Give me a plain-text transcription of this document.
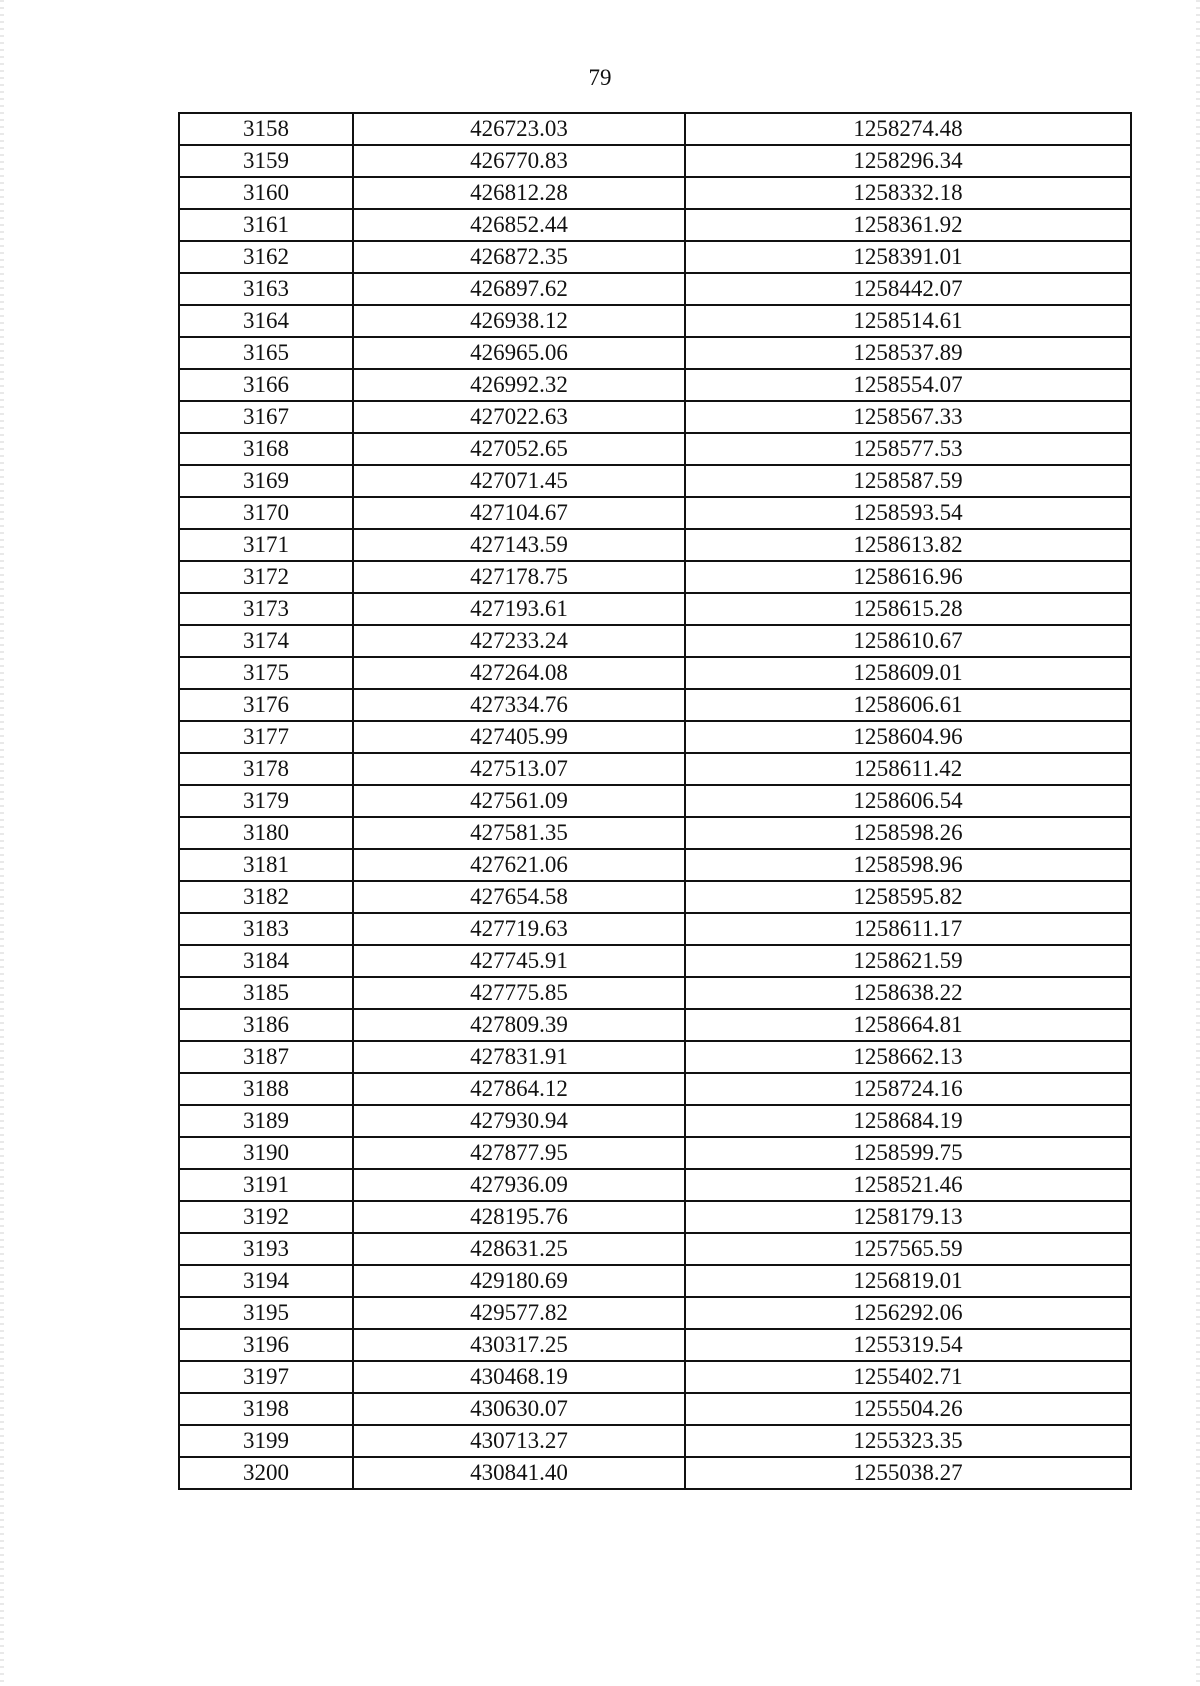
79
3158	426723.03	1258274.48
3159	426770.83	1258296.34
3160	426812.28	1258332.18
3161	426852.44	1258361.92
3162	426872.35	1258391.01
3163	426897.62	1258442.07
3164	426938.12	1258514.61
3165	426965.06	1258537.89
3166	426992.32	1258554.07
3167	427022.63	1258567.33
3168	427052.65	1258577.53
3169	427071.45	1258587.59
3170	427104.67	1258593.54
3171	427143.59	1258613.82
3172	427178.75	1258616.96
3173	427193.61	1258615.28
3174	427233.24	1258610.67
3175	427264.08	1258609.01
3176	427334.76	1258606.61
3177	427405.99	1258604.96
3178	427513.07	1258611.42
3179	427561.09	1258606.54
3180	427581.35	1258598.26
3181	427621.06	1258598.96
3182	427654.58	1258595.82
3183	427719.63	1258611.17
3184	427745.91	1258621.59
3185	427775.85	1258638.22
3186	427809.39	1258664.81
3187	427831.91	1258662.13
3188	427864.12	1258724.16
3189	427930.94	1258684.19
3190	427877.95	1258599.75
3191	427936.09	1258521.46
3192	428195.76	1258179.13
3193	428631.25	1257565.59
3194	429180.69	1256819.01
3195	429577.82	1256292.06
3196	430317.25	1255319.54
3197	430468.19	1255402.71
3198	430630.07	1255504.26
3199	430713.27	1255323.35
3200	430841.40	1255038.27
